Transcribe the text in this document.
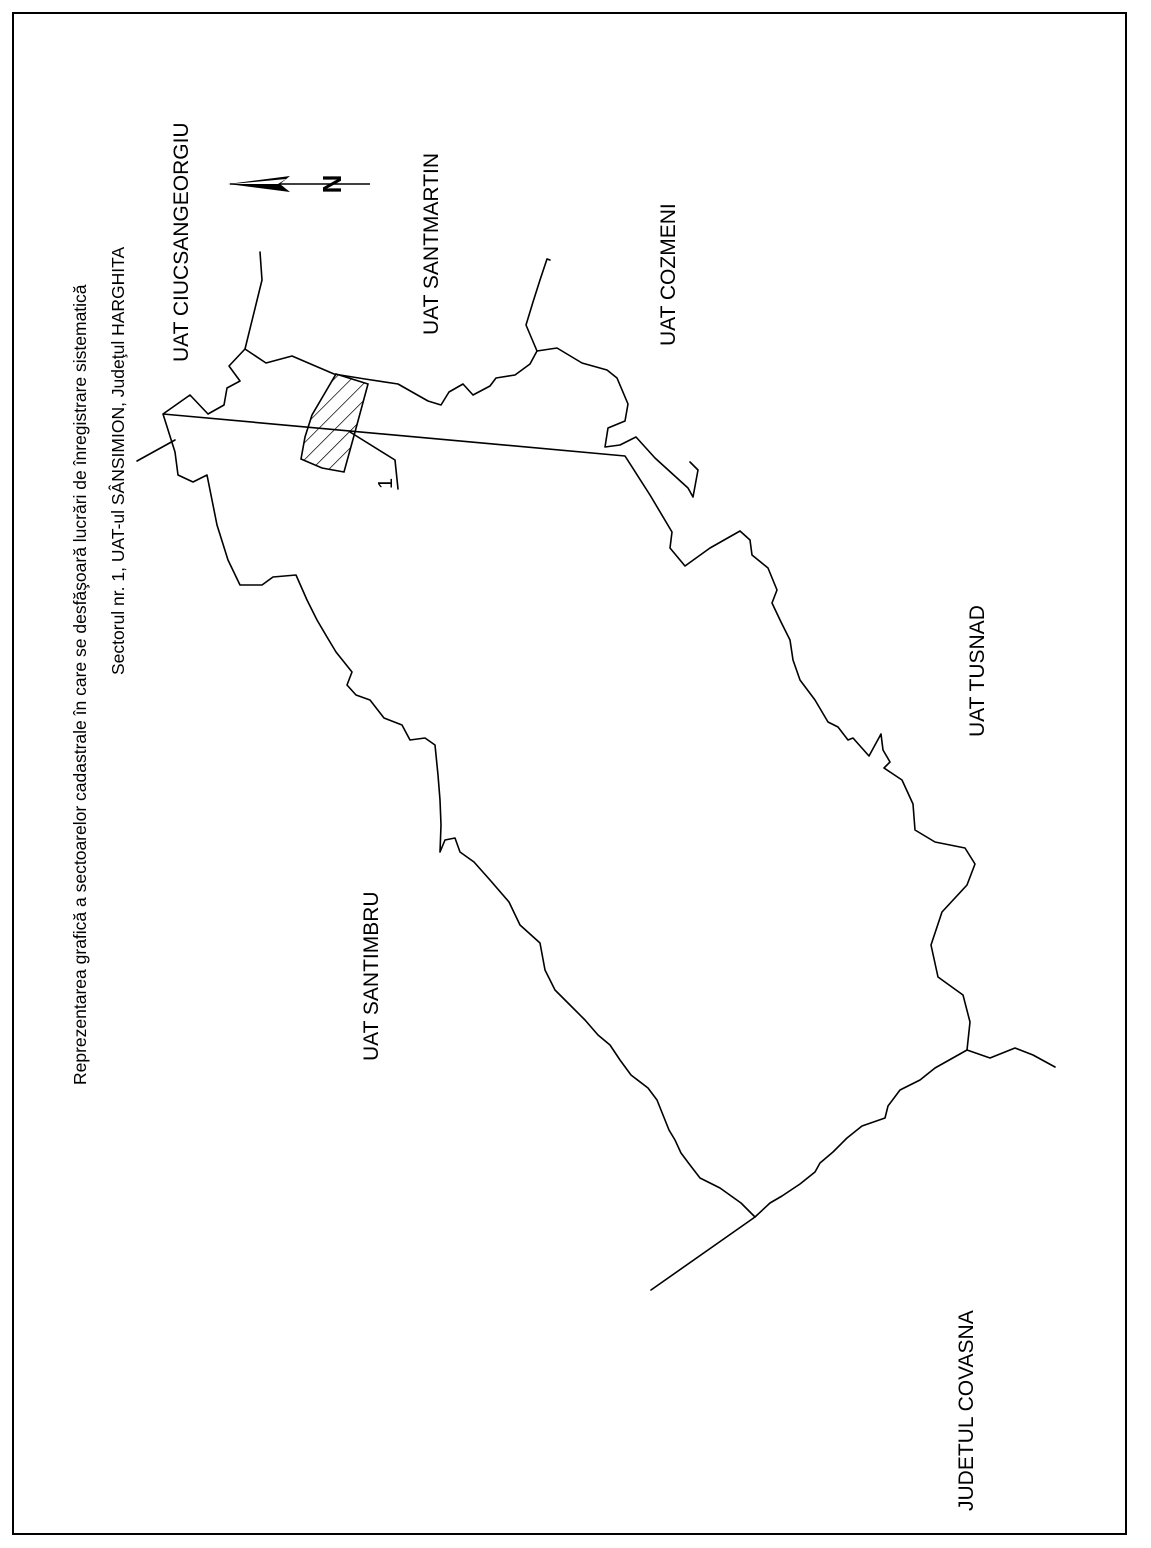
Reprezentarea grafică a sectoarelor cadastrale în care se desfăşoară lucrări de înregistrare sistematică Sectorul nr. 1, UAT-ul SÂNSIMION, Judeţul HARGHITA
UAT CIUCSANGEORGIU	UAT SANTMARTIN	UAT COZMENI
UAT TUSNAD
UAT SANTIMBRU
JUDETUL COVASNA
N
1
